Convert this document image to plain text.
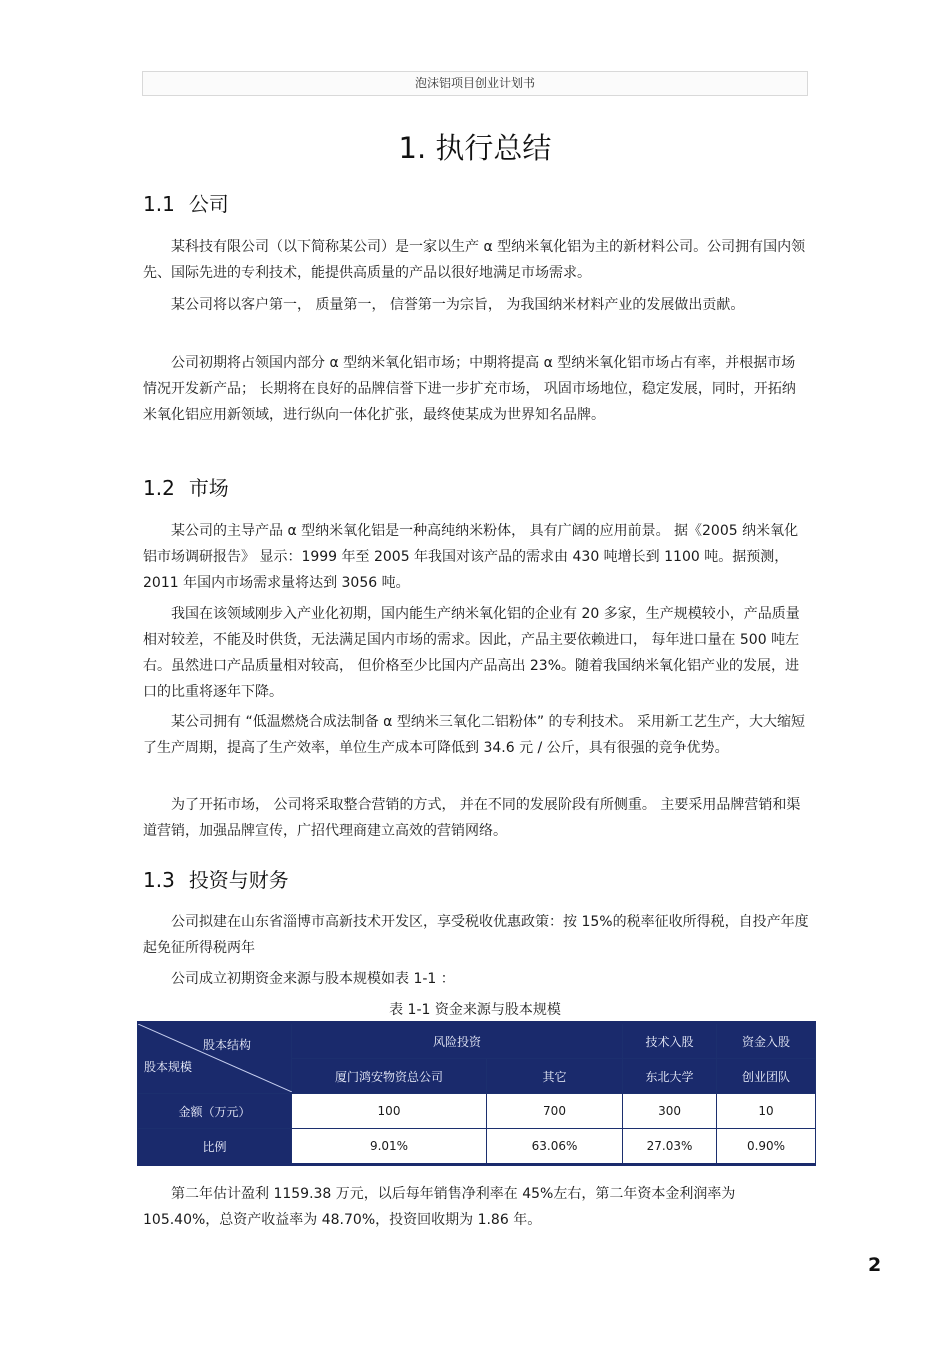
泡沫铝项目创业计划书
1. 执行总结
1.1 公司

某科技有限公司（以下简称某公司）是一家以生产 α 型纳米氧化铝为主的新材料公司。公司拥有国内领先、国际先进的专利技术，能提供高质量的产品以很好地满足市场需求。

某公司将以客户第一， 质量第一， 信誉第一为宗旨， 为我国纳米材料产业的发展做出贡献。

公司初期将占领国内部分 α 型纳米氧化铝市场；中期将提高 α 型纳米氧化铝市场占有率，并根据市场情况开发新产品； 长期将在良好的品牌信誉下进一步扩充市场， 巩固市场地位，稳定发展，同时，开拓纳米氧化铝应用新领域，进行纵向一体化扩张，最终使某成为世界知名品牌。

1.2 市场

某公司的主导产品 α 型纳米氧化铝是一种高纯纳米粉体， 具有广阔的应用前景。 据《2005 纳米氧化铝市场调研报告》 显示：1999 年至 2005 年我国对该产品的需求由 430 吨增长到 1100 吨。据预测， 2011 年国内市场需求量将达到 3056 吨。

我国在该领域刚步入产业化初期，国内能生产纳米氧化铝的企业有 20 多家，生产规模较小，产品质量相对较差，不能及时供货，无法满足国内市场的需求。因此，产品主要依赖进口， 每年进口量在 500 吨左右。虽然进口产品质量相对较高， 但价格至少比国内产品高出 23%。随着我国纳米氧化铝产业的发展，进口的比重将逐年下降。

某公司拥有 “低温燃烧合成法制备 α 型纳米三氧化二铝粉体” 的专利技术。 采用新工艺生产，大大缩短了生产周期，提高了生产效率，单位生产成本可降低到 34.6 元 / 公斤，具有很强的竞争优势。

为了开拓市场， 公司将采取整合营销的方式， 并在不同的发展阶段有所侧重。 主要采用品牌营销和渠道营销，加强品牌宣传，广招代理商建立高效的营销网络。

1.3 投资与财务

公司拟建在山东省淄博市高新技术开发区，享受税收优惠政策：按 15%的税率征收所得税，自投产年度起免征所得税两年

公司成立初期资金来源与股本规模如表 1-1 ：

表 1-1 资金来源与股本规模
股本结构
股本规模	风险投资		技术入股	资金入股
	厦门鸿安物资总公司	其它	东北大学	创业团队
金额（万元）	100	700	300	10
比例	9.01%	63.06%	27.03%	0.90%

第二年估计盈利 1159.38 万元，以后每年销售净利率在 45%左右，第二年资本金利润率为 105.40%，总资产收益率为 48.70%，投资回收期为 1.86 年。

2
